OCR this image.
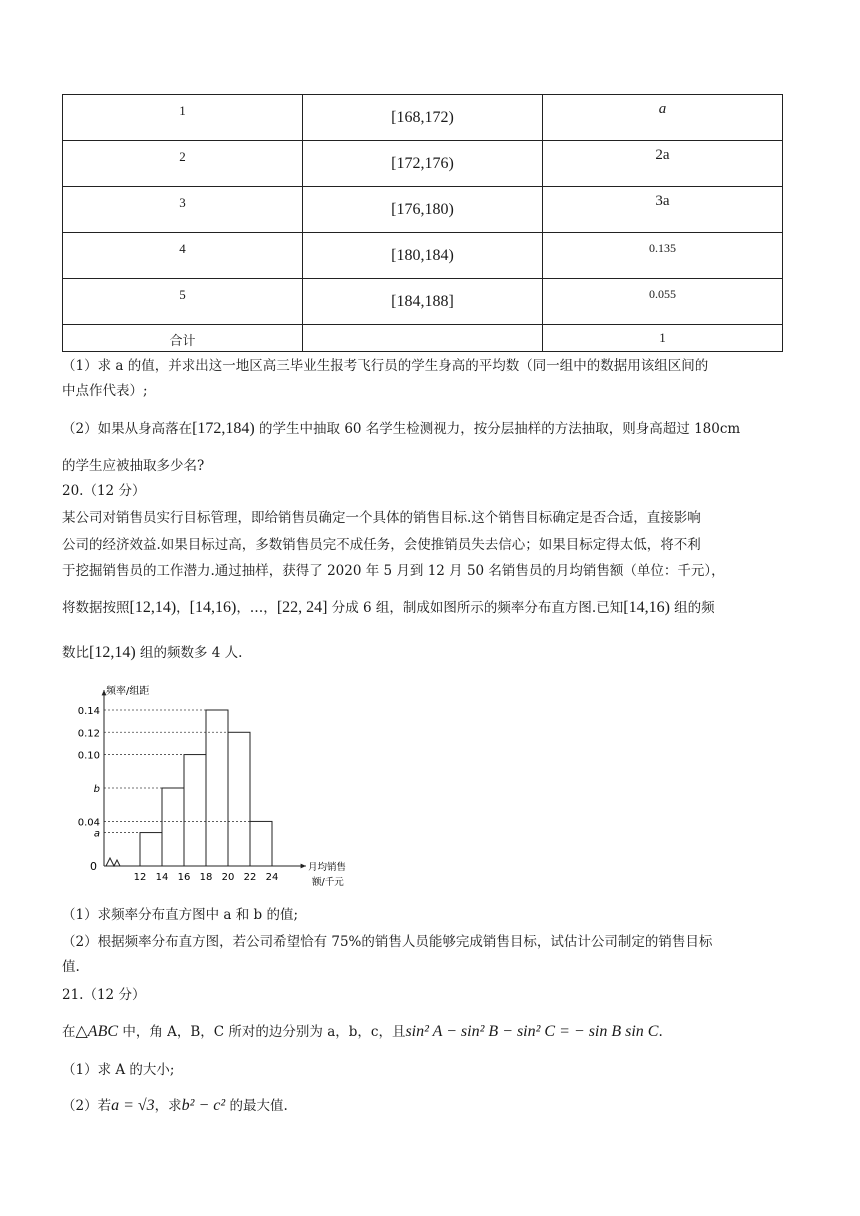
1	[168,172)	a

2	[172,176)	2a

3	[176,180)	3a

4	[180,184)	0.135

5	[184,188]	0.055

合计		1
（1）求 a 的值，并求出这一地区高三毕业生报考飞行员的学生身高的平均数（同一组中的数据用该组区间的
中点作代表）;
（2）如果从身高落在[172,184) 的学生中抽取 60 名学生检测视力，按分层抽样的方法抽取，则身高超过 180cm
的学生应被抽取多少名?
20.（12 分）
某公司对销售员实行目标管理，即给销售员确定一个具体的销售目标.这个销售目标确定是否合适，直接影响
公司的经济效益.如果目标过高，多数销售员完不成任务，会使推销员失去信心；如果目标定得太低，将不利
于挖掘销售员的工作潜力.通过抽样，获得了 2020 年 5 月到 12 月 50 名销售员的月均销售额（单位：千元），
将数据按照[12,14)，[14,16)，…，[22, 24] 分成 6 组，制成如图所示的频率分布直方图.已知[14,16) 组的频
数比[12,14) 组的频数多 4 人.
频率/组距
0	月均销售
额/千元
a
0.04
b
0.10
0.12
0.14
12 14 16 18 20 22 24
（1）求频率分布直方图中 a 和 b 的值;
（2）根据频率分布直方图，若公司希望恰有 75%的销售人员能够完成销售目标，试估计公司制定的销售目标
值.
21.（12 分）
在△ABC 中，角 A，B，C 所对的边分别为 a，b，c，且sin² A − sin² B − sin² C = − sin B sin C.
（1）求 A 的大小;
（2）若a = √3，求b² − c² 的最大值.
